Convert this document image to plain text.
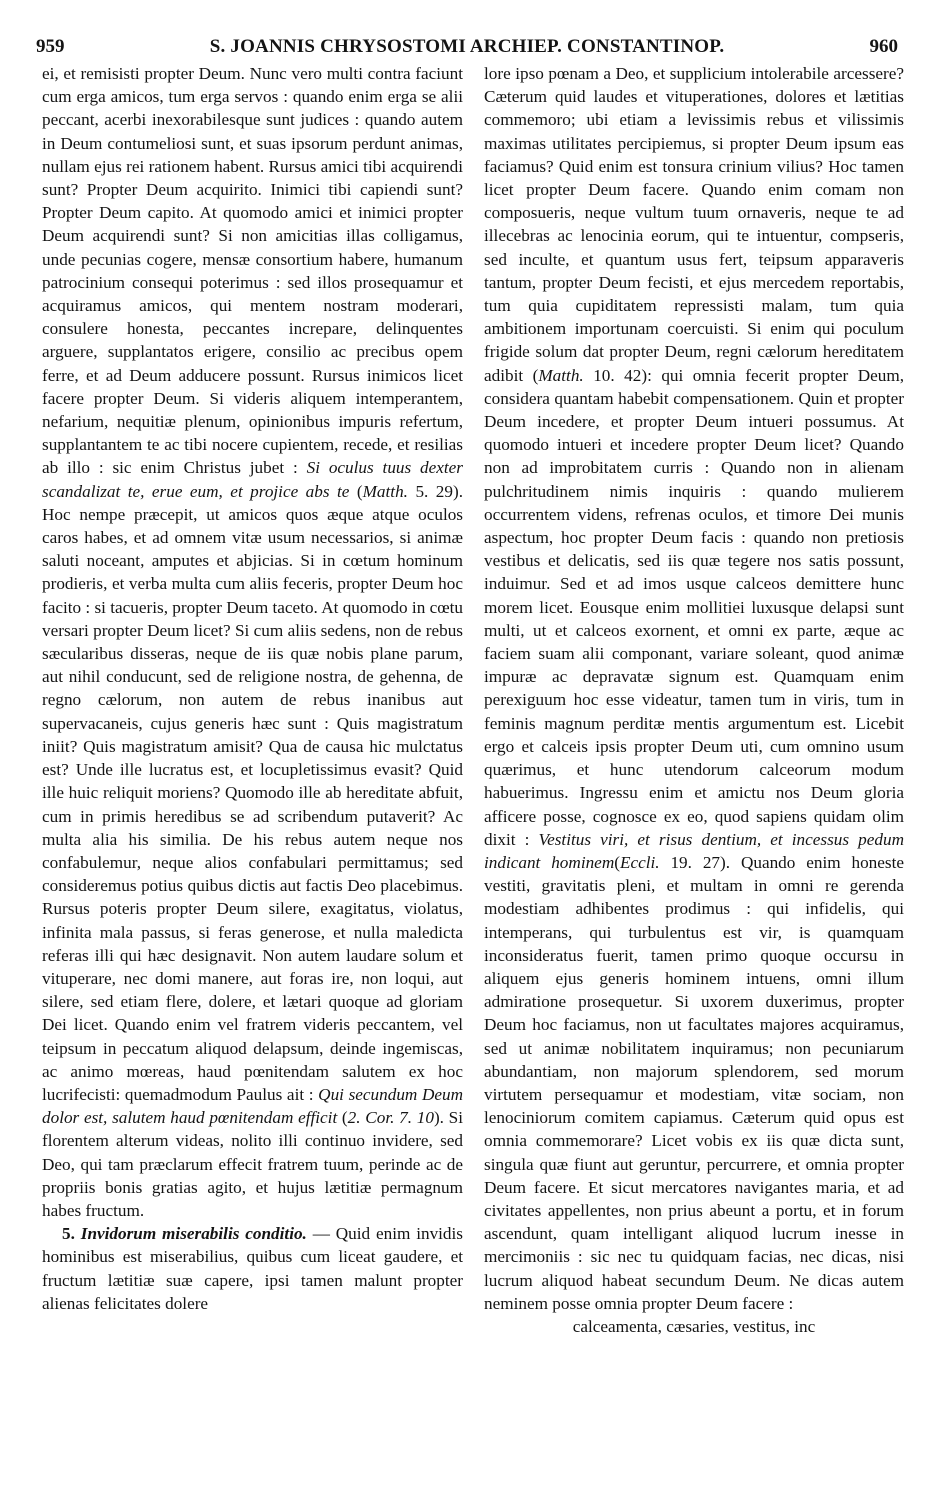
959	S. JOANNIS CHRYSOSTOMI ARCHIEP. CONSTANTINOP.	960

ei, et remisisti propter Deum. Nunc vero multi contra faciunt cum erga amicos, tum erga servos : quando enim erga se alii peccant, acerbi inexorabilesque sunt judices : quando autem in Deum contumeliosi sunt, et suas ipsorum perdunt animas, nullam ejus rei rationem habent. Rursus amici tibi acquirendi sunt? Propter Deum acquirito. Inimici tibi capiendi sunt? Propter Deum capito. At quomodo amici et inimici propter Deum acquirendi sunt? Si non amicitias illas colligamus, unde pecunias cogere, mensæ consortium habere, humanum patrocinium consequi poterimus : sed illos prosequamur et acquiramus amicos, qui mentem nostram moderari, consulere honesta, peccantes increpare, delinquentes arguere, supplantatos erigere, consilio ac precibus opem ferre, et ad Deum adducere possunt. Rursus inimicos licet facere propter Deum. Si videris aliquem intemperantem, nefarium, nequitiæ plenum, opinionibus impuris refertum, supplantantem te ac tibi nocere cupientem, recede, et resilias ab illo : sic enim Christus jubet : Si oculus tuus dexter scandalizat te, erue eum, et projice abs te (Matth. 5. 29). Hoc nempe præcepit, ut amicos quos æque atque oculos caros habes, et ad omnem vitæ usum necessarios, si animæ saluti noceant, amputes et abjicias. Si in cœtum hominum prodieris, et verba multa cum aliis feceris, propter Deum hoc facito : si tacueris, propter Deum taceto. At quomodo in cœtu versari propter Deum licet? Si cum aliis sedens, non de rebus sæcularibus disseras, neque de iis quæ nobis plane parum, aut nihil conducunt, sed de religione nostra, de gehenna, de regno cælorum, non autem de rebus inanibus aut supervacaneis, cujus generis hæc sunt : Quis magistratum iniit? Quis magistratum amisit? Qua de causa hic mulctatus est? Unde ille lucratus est, et locupletissimus evasit? Quid ille huic reliquit moriens? Quomodo ille ab hereditate abfuit, cum in primis heredibus se ad scribendum putaverit? Ac multa alia his similia. De his rebus autem neque nos confabulemur, neque alios confabulari permittamus; sed consideremus potius quibus dictis aut factis Deo placebimus. Rursus poteris propter Deum silere, exagitatus, violatus, infinita mala passus, si feras generose, et nulla maledicta referas illi qui hæc designavit. Non autem laudare solum et vituperare, nec domi manere, aut foras ire, non loqui, aut silere, sed etiam flere, dolere, et lætari quoque ad gloriam Dei licet. Quando enim vel fratrem videris peccantem, vel teipsum in peccatum aliquod delapsum, deinde ingemiscas, ac animo mœreas, haud pœnitendam salutem ex hoc lucrifecisti: quemadmodum Paulus ait : Qui secundum Deum dolor est, salutem haud pœnitendam efficit (2. Cor. 7. 10). Si florentem alterum videas, nolito illi continuo invidere, sed Deo, qui tam præclarum effecit fratrem tuum, perinde ac de propriis bonis gratias agito, et hujus lætitiæ permagnum habes fructum.

5. Invidorum miserabilis conditio. — Quid enim invidis hominibus est miserabilius, quibus cum liceat gaudere, et fructum lætitiæ suæ capere, ipsi tamen malunt propter alienas felicitates dolere

lore ipso pœnam a Deo, et supplicium intolerabile arcessere? Cæterum quid laudes et vituperationes, dolores et lætitias commemoro; ubi etiam a levissimis rebus et vilissimis maximas utilitates percipiemus, si propter Deum ipsum eas faciamus? Quid enim est tonsura crinium vilius? Hoc tamen licet propter Deum facere. Quando enim comam non composueris, neque vultum tuum ornaveris, neque te ad illecebras ac lenocinia eorum, qui te intuentur, compseris, sed inculte, et quantum usus fert, teipsum apparaveris tantum, propter Deum fecisti, et ejus mercedem reportabis, tum quia cupiditatem repressisti malam, tum quia ambitionem importunam coercuisti. Si enim qui poculum frigide solum dat propter Deum, regni cælorum hereditatem adibit (Matth. 10. 42): qui omnia fecerit propter Deum, considera quantam habebit compensationem. Quin et propter Deum incedere, et propter Deum intueri possumus. At quomodo intueri et incedere propter Deum licet? Quando non ad improbitatem curris : Quando non in alienam pulchritudinem nimis inquiris : quando mulierem occurrentem videns, refrenas oculos, et timore Dei munis aspectum, hoc propter Deum facis : quando non pretiosis vestibus et delicatis, sed iis quæ tegere nos satis possunt, induimur. Sed et ad imos usque calceos demittere hunc morem licet. Eousque enim mollitiei luxusque delapsi sunt multi, ut et calceos exornent, et omni ex parte, æque ac faciem suam alii componant, variare soleant, quod animæ impuræ ac depravatæ signum est. Quamquam enim perexiguum hoc esse videatur, tamen tum in viris, tum in feminis magnum perditæ mentis argumentum est. Licebit ergo et calceis ipsis propter Deum uti, cum omnino usum quærimus, et hunc utendorum calceorum modum habuerimus. Ingressu enim et amictu nos Deum gloria afficere posse, cognosce ex eo, quod sapiens quidam olim dixit : Vestitus viri, et risus dentium, et incessus pedum indicant hominem(Eccli. 19. 27). Quando enim honeste vestiti, gravitatis pleni, et multam in omni re gerenda modestiam adhibentes prodimus : qui infidelis, qui intemperans, qui turbulentus est vir, is quamquam inconsideratus fuerit, tamen primo quoque occursu in aliquem ejus generis hominem intuens, omni illum admiratione prosequetur. Si uxorem duxerimus, propter Deum hoc faciamus, non ut facultates majores acquiramus, sed ut animæ nobilitatem inquiramus; non pecuniarum abundantiam, non majorum splendorem, sed morum virtutem persequamur et modestiam, vitæ sociam, non lenociniorum comitem capiamus. Cæterum quid opus est omnia commemorare? Licet vobis ex iis quæ dicta sunt, singula quæ fiunt aut geruntur, percurrere, et omnia propter Deum facere. Et sicut mercatores navigantes maria, et ad civitates appellentes, non prius abeunt a portu, et in forum ascendunt, quam intelligant aliquod lucrum inesse in mercimoniis : sic nec tu quidquam facias, nec dicas, nisi lucrum aliquod habeat secundum Deum. Ne dicas autem neminem posse omnia propter Deum facere :

calceamenta, cæsaries, vestitus, inc
